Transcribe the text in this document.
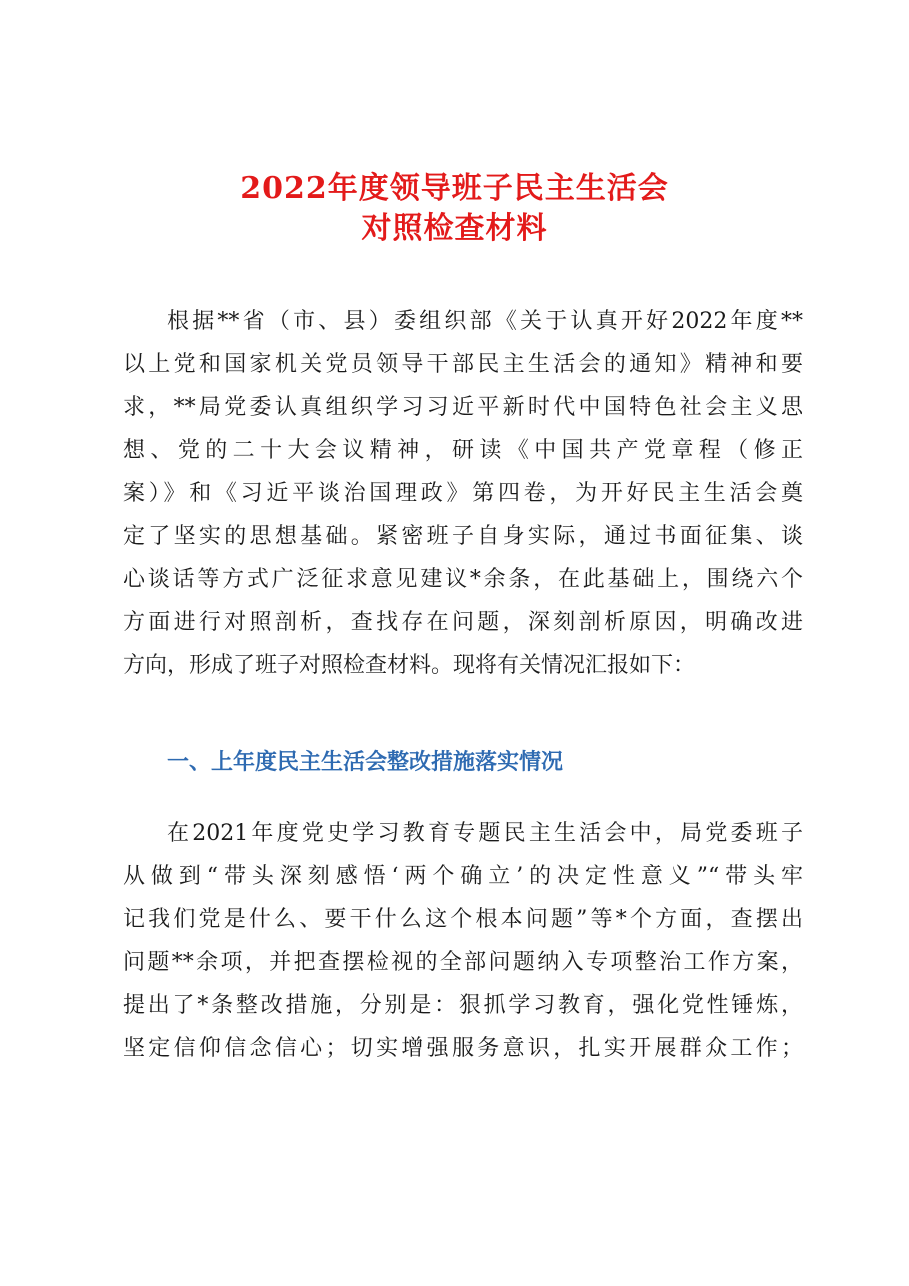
2022年度领导班子民主生活会
对照检查材料
根据**省（市、县）委组织部《关于认真开好2022年度**
以上党和国家机关党员领导干部民主生活会的通知》精神和要
求，**局党委认真组织学习习近平新时代中国特色社会主义思
想、党的二十大会议精神，研读《中国共产党章程（修正
案）》和《习近平谈治国理政》第四卷，为开好民主生活会奠
定了坚实的思想基础。紧密班子自身实际，通过书面征集、谈
心谈话等方式广泛征求意见建议*余条，在此基础上，围绕六个
方面进行对照剖析，查找存在问题，深刻剖析原因，明确改进
方向，形成了班子对照检查材料。现将有关情况汇报如下：
一、上年度民主生活会整改措施落实情况
在2021年度党史学习教育专题民主生活会中，局党委班子
从做到“带头深刻感悟‘两个确立’的决定性意义”“带头牢
记我们党是什么、要干什么这个根本问题”等*个方面，查摆出
问题**余项，并把查摆检视的全部问题纳入专项整治工作方案，
提出了*条整改措施，分别是：狠抓学习教育，强化党性锤炼，
坚定信仰信念信心；切实增强服务意识，扎实开展群众工作；
